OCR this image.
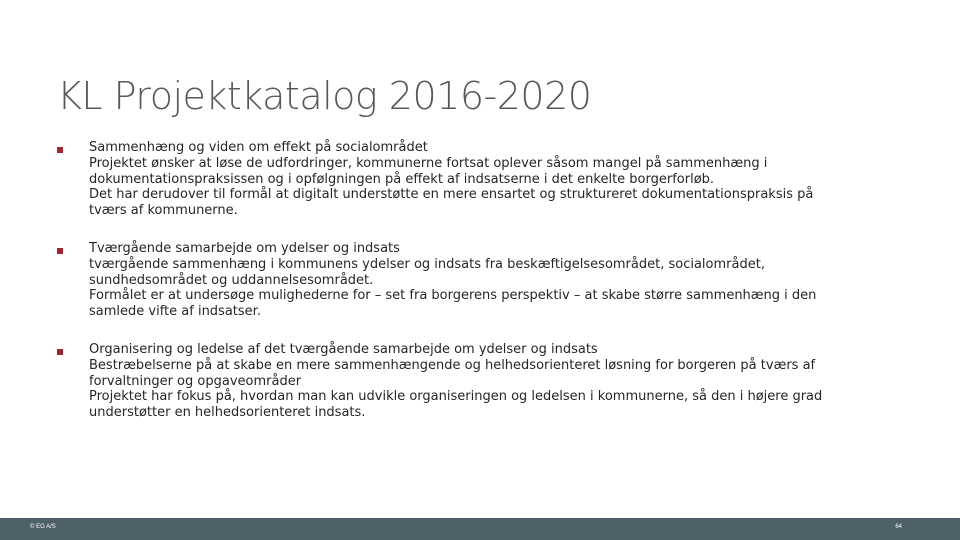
KL Projektkatalog 2016-2020
Sammenhæng og viden om effekt på socialområdet
Projektet ønsker at løse de udfordringer, kommunerne fortsat oplever såsom mangel på sammenhæng i
dokumentationspraksissen og i opfølgningen på effekt af indsatserne i det enkelte borgerforløb.
Det har derudover til formål at digitalt understøtte en mere ensartet og struktureret dokumentationspraksis på
tværs af kommunerne.
Tværgående samarbejde om ydelser og indsats
tværgående sammenhæng i kommunens ydelser og indsats fra beskæftigelsesområdet, socialområdet,
sundhedsområdet og uddannelsesområdet.
Formålet er at undersøge mulighederne for – set fra borgerens perspektiv – at skabe større sammenhæng i den
samlede vifte af indsatser.
Organisering og ledelse af det tværgående samarbejde om ydelser og indsats
Bestræbelserne på at skabe en mere sammenhængende og helhedsorienteret løsning for borgeren på tværs af
forvaltninger og opgaveområder
Projektet har fokus på, hvordan man kan udvikle organiseringen og ledelsen i kommunerne, så den i højere grad
understøtter en helhedsorienteret indsats.
© EG A/S	64
